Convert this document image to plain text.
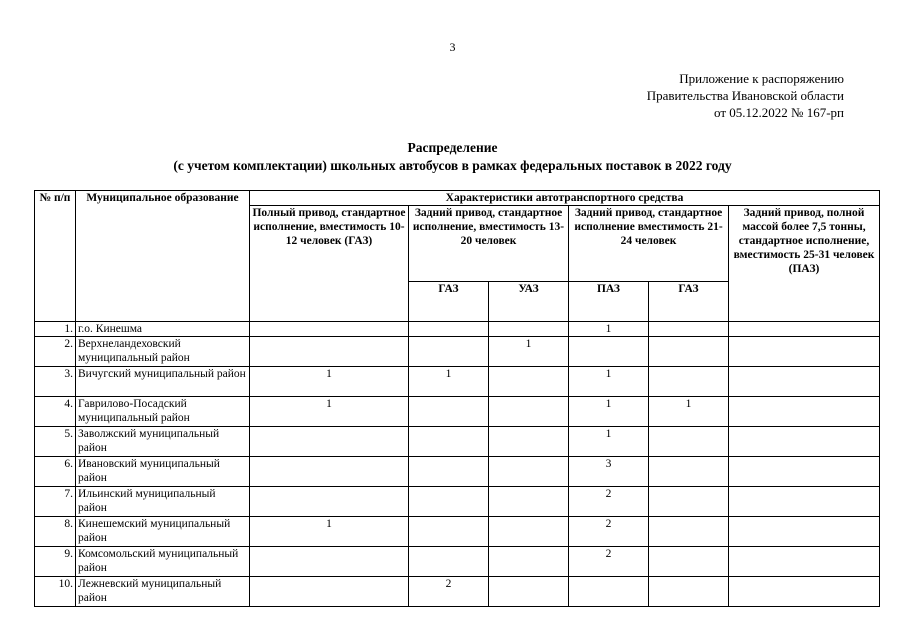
3
Приложение к распоряжению
Правительства Ивановской области
от 05.12.2022 № 167-рп
Распределение
(с учетом комплектации) школьных автобусов в рамках федеральных поставок в 2022 году
№ п/п	Муниципальное образование	Характеристики автотранспортного средства					
		Полный привод, стандартное исполнение, вместимость 10-12 человек (ГАЗ)	Задний привод, стандартное исполнение, вместимость 13-20 человек		Задний привод, стандартное исполнение вместимость 21-24 человек		Задний привод, полной массой более 7,5 тонны, стандартное исполнение, вместимость 25-31 человек (ПАЗ)
			ГАЗ	УАЗ	ПАЗ	ГАЗ	
1.	г.о. Кинешма				1		
2.	Верхнеландеховский муниципальный район			1			
3.	Вичугский муниципальный район	1	1		1		
4.	Гаврилово-Посадский муниципальный район	1			1	1	
5.	Заволжский муниципальный район				1		
6.	Ивановский муниципальный район				3		
7.	Ильинский муниципальный район				2		
8.	Кинешемский муниципальный район	1			2		
9.	Комсомольский муниципальный район				2		
10.	Лежневский муниципальный район		2				
